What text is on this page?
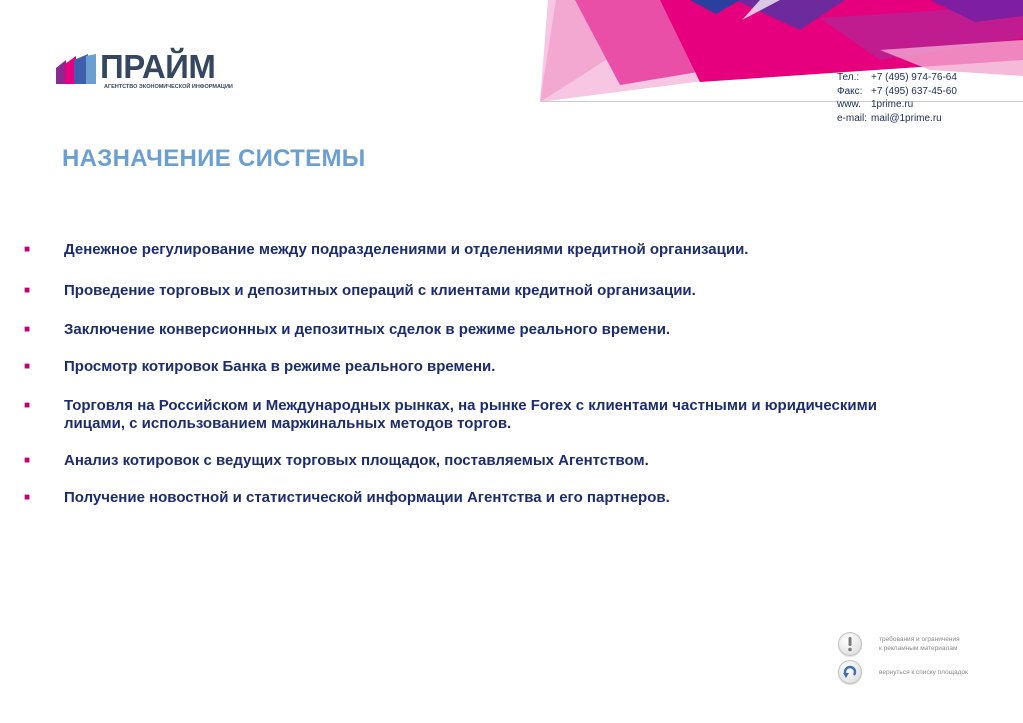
ПРАЙМ
АГЕНТСТВО ЭКОНОМИЧЕСКОЙ ИНФОРМАЦИИ
Тел.:	+7 (495) 974-76-64
Факс: +7 (495) 637-45-60
www.	1prime.ru
e-mail: mail@1prime.ru
НАЗНАЧЕНИЕ СИСТЕМЫ
■	Денежное регулирование между подразделениями и отделениями кредитной организации.
■	Проведение торговых и депозитных операций с клиентами кредитной организации.
■	Заключение конверсионных и депозитных сделок в режиме реального времени.
■	Просмотр котировок Банка в режиме реального времени.
■	Торговля на Российском и Международных рынках, на рынке Forex с клиентами частными и юридическими лицами, с использованием маржинальных методов торгов.
■	Анализ котировок с ведущих торговых площадок, поставляемых Агентством.
■	Получение новостной и статистической информации Агентства и его партнеров.
требования и ограничения
к рекламным материалам
вернуться к списку площадок
